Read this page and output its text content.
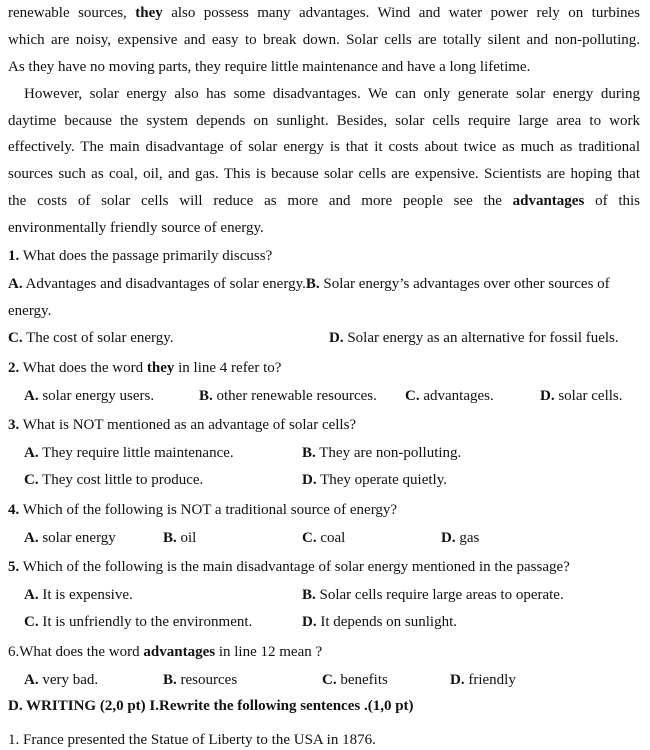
renewable sources, they also possess many advantages. Wind and water power rely on turbines
which are noisy, expensive and easy to break down. Solar cells are totally silent and non-polluting.
As they have no moving parts, they require little maintenance and have a long lifetime.
However, solar energy also has some disadvantages. We can only generate solar energy during
daytime because the system depends on sunlight. Besides, solar cells require large area to work
effectively. The main disadvantage of solar energy is that it costs about twice as much as traditional
sources such as coal, oil, and gas. This is because solar cells are expensive. Scientists are hoping that
the costs of solar cells will reduce as more and more people see the advantages of this
environmentally friendly source of energy.
1. What does the passage primarily discuss?
A. Advantages and disadvantages of solar energy.B. Solar energy’s advantages over other sources of
energy.
C. The cost of solar energy.	D. Solar energy as an alternative for fossil fuels.
2. What does the word they in line 4 refer to?
A. solar energy users.	B. other renewable resources. C. advantages.	D. solar cells.
3. What is NOT mentioned as an advantage of solar cells?
A. They require little maintenance.	B. They are non-polluting.
C. They cost little to produce.	D. They operate quietly.
4. Which of the following is NOT a traditional source of energy?
A. solar energy	B. oil	C. coal	D. gas
5. Which of the following is the main disadvantage of solar energy mentioned in the passage?
A. It is expensive.	B. Solar cells require large areas to operate.
C. It is unfriendly to the environment.	D. It depends on sunlight.
6.What does the word advantages in line 12 mean ?
A. very bad.	B. resources	C. benefits	D. friendly
D. WRITING (2,0 pt) I.Rewrite the following sentences .(1,0 pt)
1. France presented the Statue of Liberty to the USA in 1876.
